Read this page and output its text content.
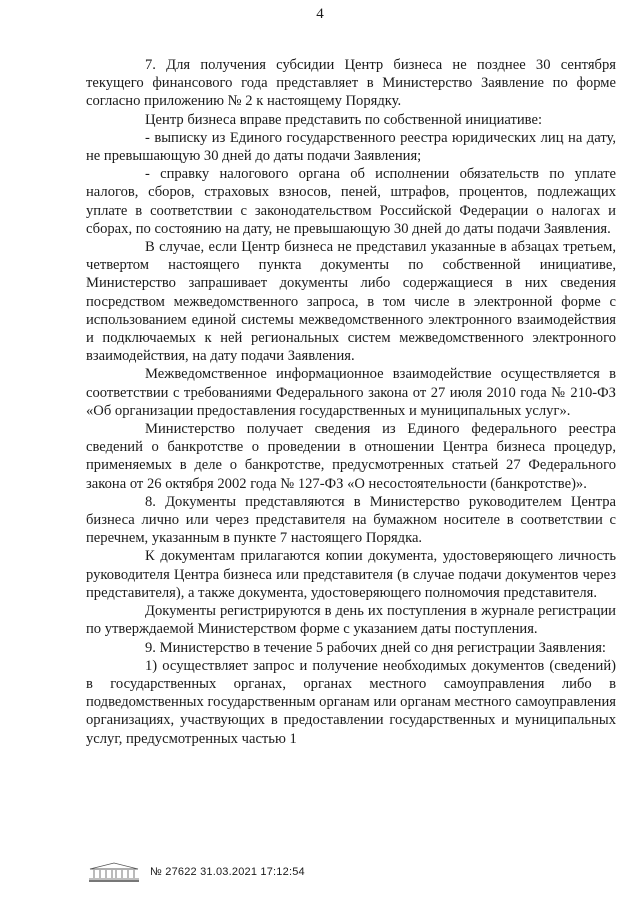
4

7. Для получения субсидии Центр бизнеса не позднее 30 сентября текущего финансового года представляет в Министерство Заявление по форме согласно приложению № 2 к настоящему Порядку.

Центр бизнеса вправе представить по собственной инициативе:

- выписку из Единого государственного реестра юридических лиц на дату, не превышающую 30 дней до даты подачи Заявления;

- справку налогового органа об исполнении обязательств по уплате налогов, сборов, страховых взносов, пеней, штрафов, процентов, подлежащих уплате в соответствии с законодательством Российской Федерации о налогах и сборах, по состоянию на дату, не превышающую 30 дней до даты подачи Заявления.

В случае, если Центр бизнеса не представил указанные в абзацах третьем, четвертом настоящего пункта документы по собственной инициативе, Министерство запрашивает документы либо содержащиеся в них сведения посредством межведомственного запроса, в том числе в электронной форме с использованием единой системы межведомственного электронного взаимодействия и подключаемых к ней региональных систем межведомственного электронного взаимодействия, на дату подачи Заявления.

Межведомственное информационное взаимодействие осуществляется в соответствии с требованиями Федерального закона от 27 июля 2010 года № 210-ФЗ «Об организации предоставления государственных и муниципальных услуг».

Министерство получает сведения из Единого федерального реестра сведений о банкротстве о проведении в отношении Центра бизнеса процедур, применяемых в деле о банкротстве, предусмотренных статьей 27 Федерального закона от 26 октября 2002 года № 127-ФЗ «О несостоятельности (банкротстве)».

8. Документы представляются в Министерство руководителем Центра бизнеса лично или через представителя на бумажном носителе в соответствии с перечнем, указанным в пункте 7 настоящего Порядка.

К документам прилагаются копии документа, удостоверяющего личность руководителя Центра бизнеса или представителя (в случае подачи документов через представителя), а также документа, удостоверяющего полномочия представителя.

Документы регистрируются в день их поступления в журнале регистрации по утверждаемой Министерством форме с указанием даты поступления.

9. Министерство в течение 5 рабочих дней со дня регистрации Заявления:

1) осуществляет запрос и получение необходимых документов (сведений) в государственных органах, органах местного самоуправления либо в подведомственных государственным органам или органам местного самоуправления организациях, участвующих в предоставлении государственных и муниципальных услуг, предусмотренных частью 1

№ 27622 31.03.2021 17:12:54
